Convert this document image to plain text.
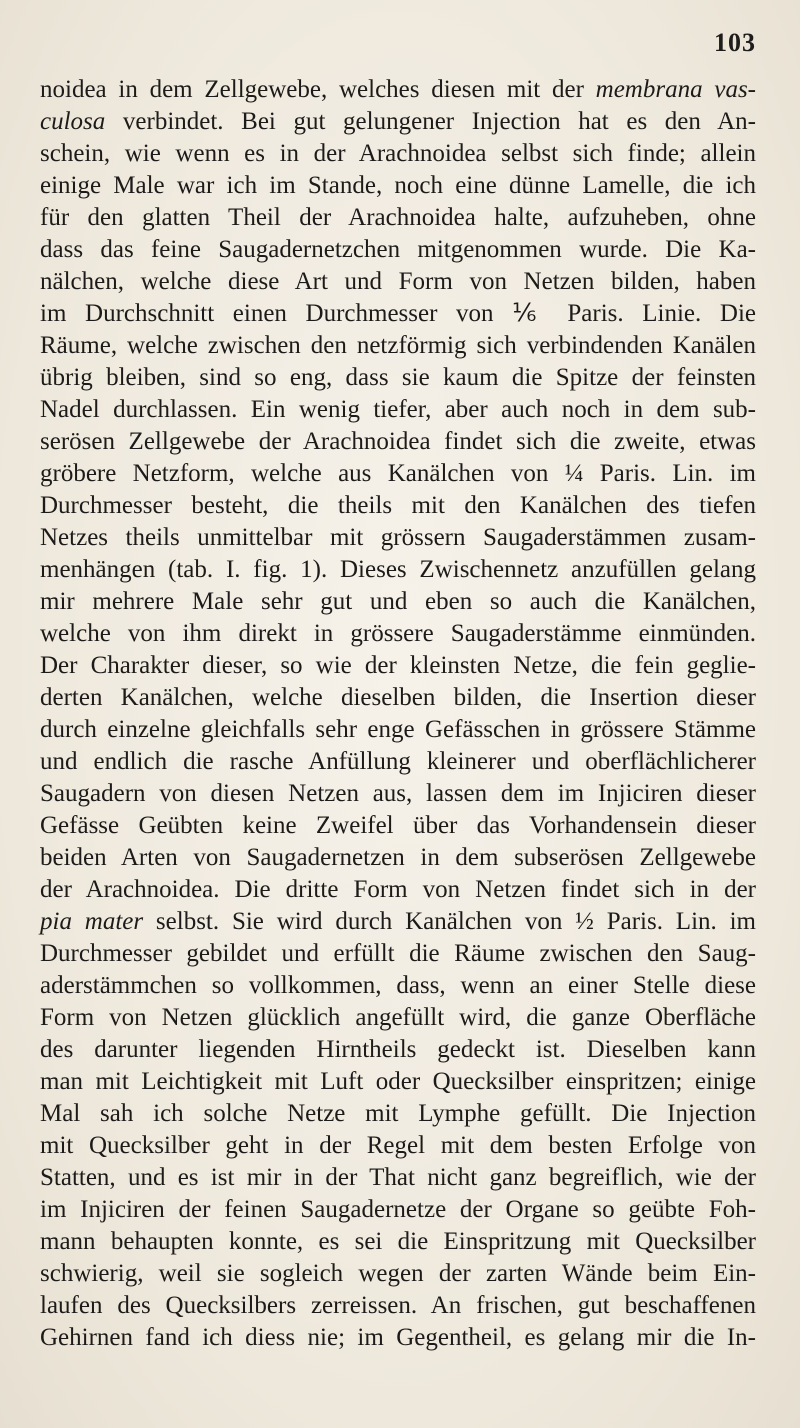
103
noidea in dem Zellgewebe, welches diesen mit der membrana vas-
culosa verbindet. Bei gut gelungener Injection hat es den An-
schein, wie wenn es in der Arachnoidea selbst sich finde; allein
einige Male war ich im Stande, noch eine dünne Lamelle, die ich
für den glatten Theil der Arachnoidea halte, aufzuheben, ohne
dass das feine Saugadernetzchen mitgenommen wurde. Die Ka-
nälchen, welche diese Art und Form von Netzen bilden, haben
im Durchschnitt einen Durchmesser von ⅙ Paris. Linie. Die
Räume, welche zwischen den netzförmig sich verbindenden Kanälen
übrig bleiben, sind so eng, dass sie kaum die Spitze der feinsten
Nadel durchlassen. Ein wenig tiefer, aber auch noch in dem sub-
serösen Zellgewebe der Arachnoidea findet sich die zweite, etwas
gröbere Netzform, welche aus Kanälchen von ¼ Paris. Lin. im
Durchmesser besteht, die theils mit den Kanälchen des tiefen
Netzes theils unmittelbar mit grössern Saugaderstämmen zusam-
menhängen (tab. I. fig. 1). Dieses Zwischennetz anzufüllen gelang
mir mehrere Male sehr gut und eben so auch die Kanälchen,
welche von ihm direkt in grössere Saugaderstämme einmünden.
Der Charakter dieser, so wie der kleinsten Netze, die fein geglie-
derten Kanälchen, welche dieselben bilden, die Insertion dieser
durch einzelne gleichfalls sehr enge Gefässchen in grössere Stämme
und endlich die rasche Anfüllung kleinerer und oberflächlicherer
Saugadern von diesen Netzen aus, lassen dem im Injiciren dieser
Gefässe Geübten keine Zweifel über das Vorhandensein dieser
beiden Arten von Saugadernetzen in dem subserösen Zellgewebe
der Arachnoidea. Die dritte Form von Netzen findet sich in der
pia mater selbst. Sie wird durch Kanälchen von ½ Paris. Lin. im
Durchmesser gebildet und erfüllt die Räume zwischen den Saug-
aderstämmchen so vollkommen, dass, wenn an einer Stelle diese
Form von Netzen glücklich angefüllt wird, die ganze Oberfläche
des darunter liegenden Hirntheils gedeckt ist. Dieselben kann
man mit Leichtigkeit mit Luft oder Quecksilber einspritzen; einige
Mal sah ich solche Netze mit Lymphe gefüllt. Die Injection
mit Quecksilber geht in der Regel mit dem besten Erfolge von
Statten, und es ist mir in der That nicht ganz begreiflich, wie der
im Injiciren der feinen Saugadernetze der Organe so geübte Foh-
mann behaupten konnte, es sei die Einspritzung mit Quecksilber
schwierig, weil sie sogleich wegen der zarten Wände beim Ein-
laufen des Quecksilbers zerreissen. An frischen, gut beschaffenen
Gehirnen fand ich diess nie; im Gegentheil, es gelang mir die In-
